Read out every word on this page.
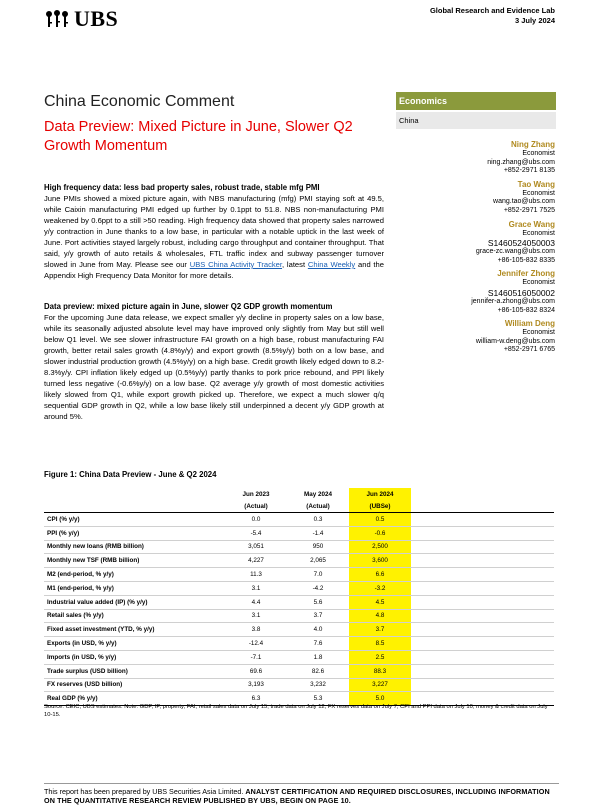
UBS	Global Research and Evidence Lab
3 July 2024
China Economic Comment
Data Preview: Mixed Picture in June, Slower Q2 Growth Momentum
Economics
China
Ning Zhang
Economist
ning.zhang@ubs.com
+852-2971 8135
Tao Wang
Economist
wang.tao@ubs.com
+852-2971 7525
Grace Wang
Economist
S1460524050003
grace-zc.wang@ubs.com
+86-105-832 8335
Jennifer Zhong
Economist
S1460516050002
jennifer-a.zhong@ubs.com
+86-105-832 8324
William Deng
Economist
william-w.deng@ubs.com
+852-2971 6765
High frequency data: less bad property sales, robust trade, stable mfg PMI
June PMIs showed a mixed picture again, with NBS manufacturing (mfg) PMI staying soft at 49.5, while Caixin manufacturing PMI edged up further by 0.1ppt to 51.8. NBS non-manufacturing PMI weakened by 0.6ppt to a still >50 reading. High frequency data showed that property sales narrowed y/y contraction in June thanks to a low base, in particular with a notable uptick in the last week of June. Port activities stayed largely robust, including cargo throughput and container throughput. That said, y/y growth of auto retails & wholesales, FTL traffic index and subway passenger turnover slowed in June from May. Please see our UBS China Activity Tracker, latest China Weekly and the Appendix High Frequency Data Monitor for more details.
Data preview: mixed picture again in June, slower Q2 GDP growth momentum
For the upcoming June data release, we expect smaller y/y decline in property sales on a low base, while its seasonally adjusted absolute level may have improved only slightly from May but still well below Q1 level. We see slower infrastructure FAI growth on a high base, robust manufacturing FAI growth, better retail sales growth (4.8%y/y) and export growth (8.5%y/y) both on a low base, and slower industrial production growth (4.5%y/y) on a high base. Credit growth likely edged down to 8.2-8.3%y/y. CPI inflation likely edged up (0.5%y/y) partly thanks to pork price rebound, and PPI likely turned less negative (-0.6%y/y) on a low base. Q2 average y/y growth of most domestic activities likely slowed from Q1, while export growth picked up. Therefore, we expect a much slower q/q sequential GDP growth in Q2, while a low base likely still underpinned a decent y/y GDP growth at around 5%.
Figure 1: China Data Preview - June & Q2 2024
	Jun 2023	May 2024	Jun 2024	
	(Actual)	(Actual)	(UBSe)	
CPI (% y/y)	0.0	0.3	0.5	
PPI (% y/y)	-5.4	-1.4	-0.6	
Monthly new loans (RMB billion)	3,051	950	2,500	
Monthly new TSF (RMB billion)	4,227	2,065	3,600	
M2 (end-period, % y/y)	11.3	7.0	6.6	
M1 (end-period, % y/y)	3.1	-4.2	-3.2	
Industrial value added (IP) (% y/y)	4.4	5.6	4.5	
Retail sales (% y/y)	3.1	3.7	4.8	
Fixed asset investment (YTD, % y/y)	3.8	4.0	3.7	
Exports (in USD, % y/y)	-12.4	7.6	8.5	
Imports (in USD, % y/y)	-7.1	1.8	2.5	
Trade surplus (USD billion)	69.6	82.6	88.3	
FX reserves (USD billion)	3,193	3,232	3,227	
Real GDP (% y/y)	6.3	5.3	5.0	
Source: CEIC, UBS estimates. Note: GDP, IP, property, FAI, retail sales data on July 15; trade data on July 12, FX reserves data on July 7; CPI and PPI data on July 10; money & credit data on July 10-15.
This report has been prepared by UBS Securities Asia Limited. ANALYST CERTIFICATION AND REQUIRED DISCLOSURES, INCLUDING INFORMATION ON THE QUANTITATIVE RESEARCH REVIEW PUBLISHED BY UBS, BEGIN ON PAGE 10.
